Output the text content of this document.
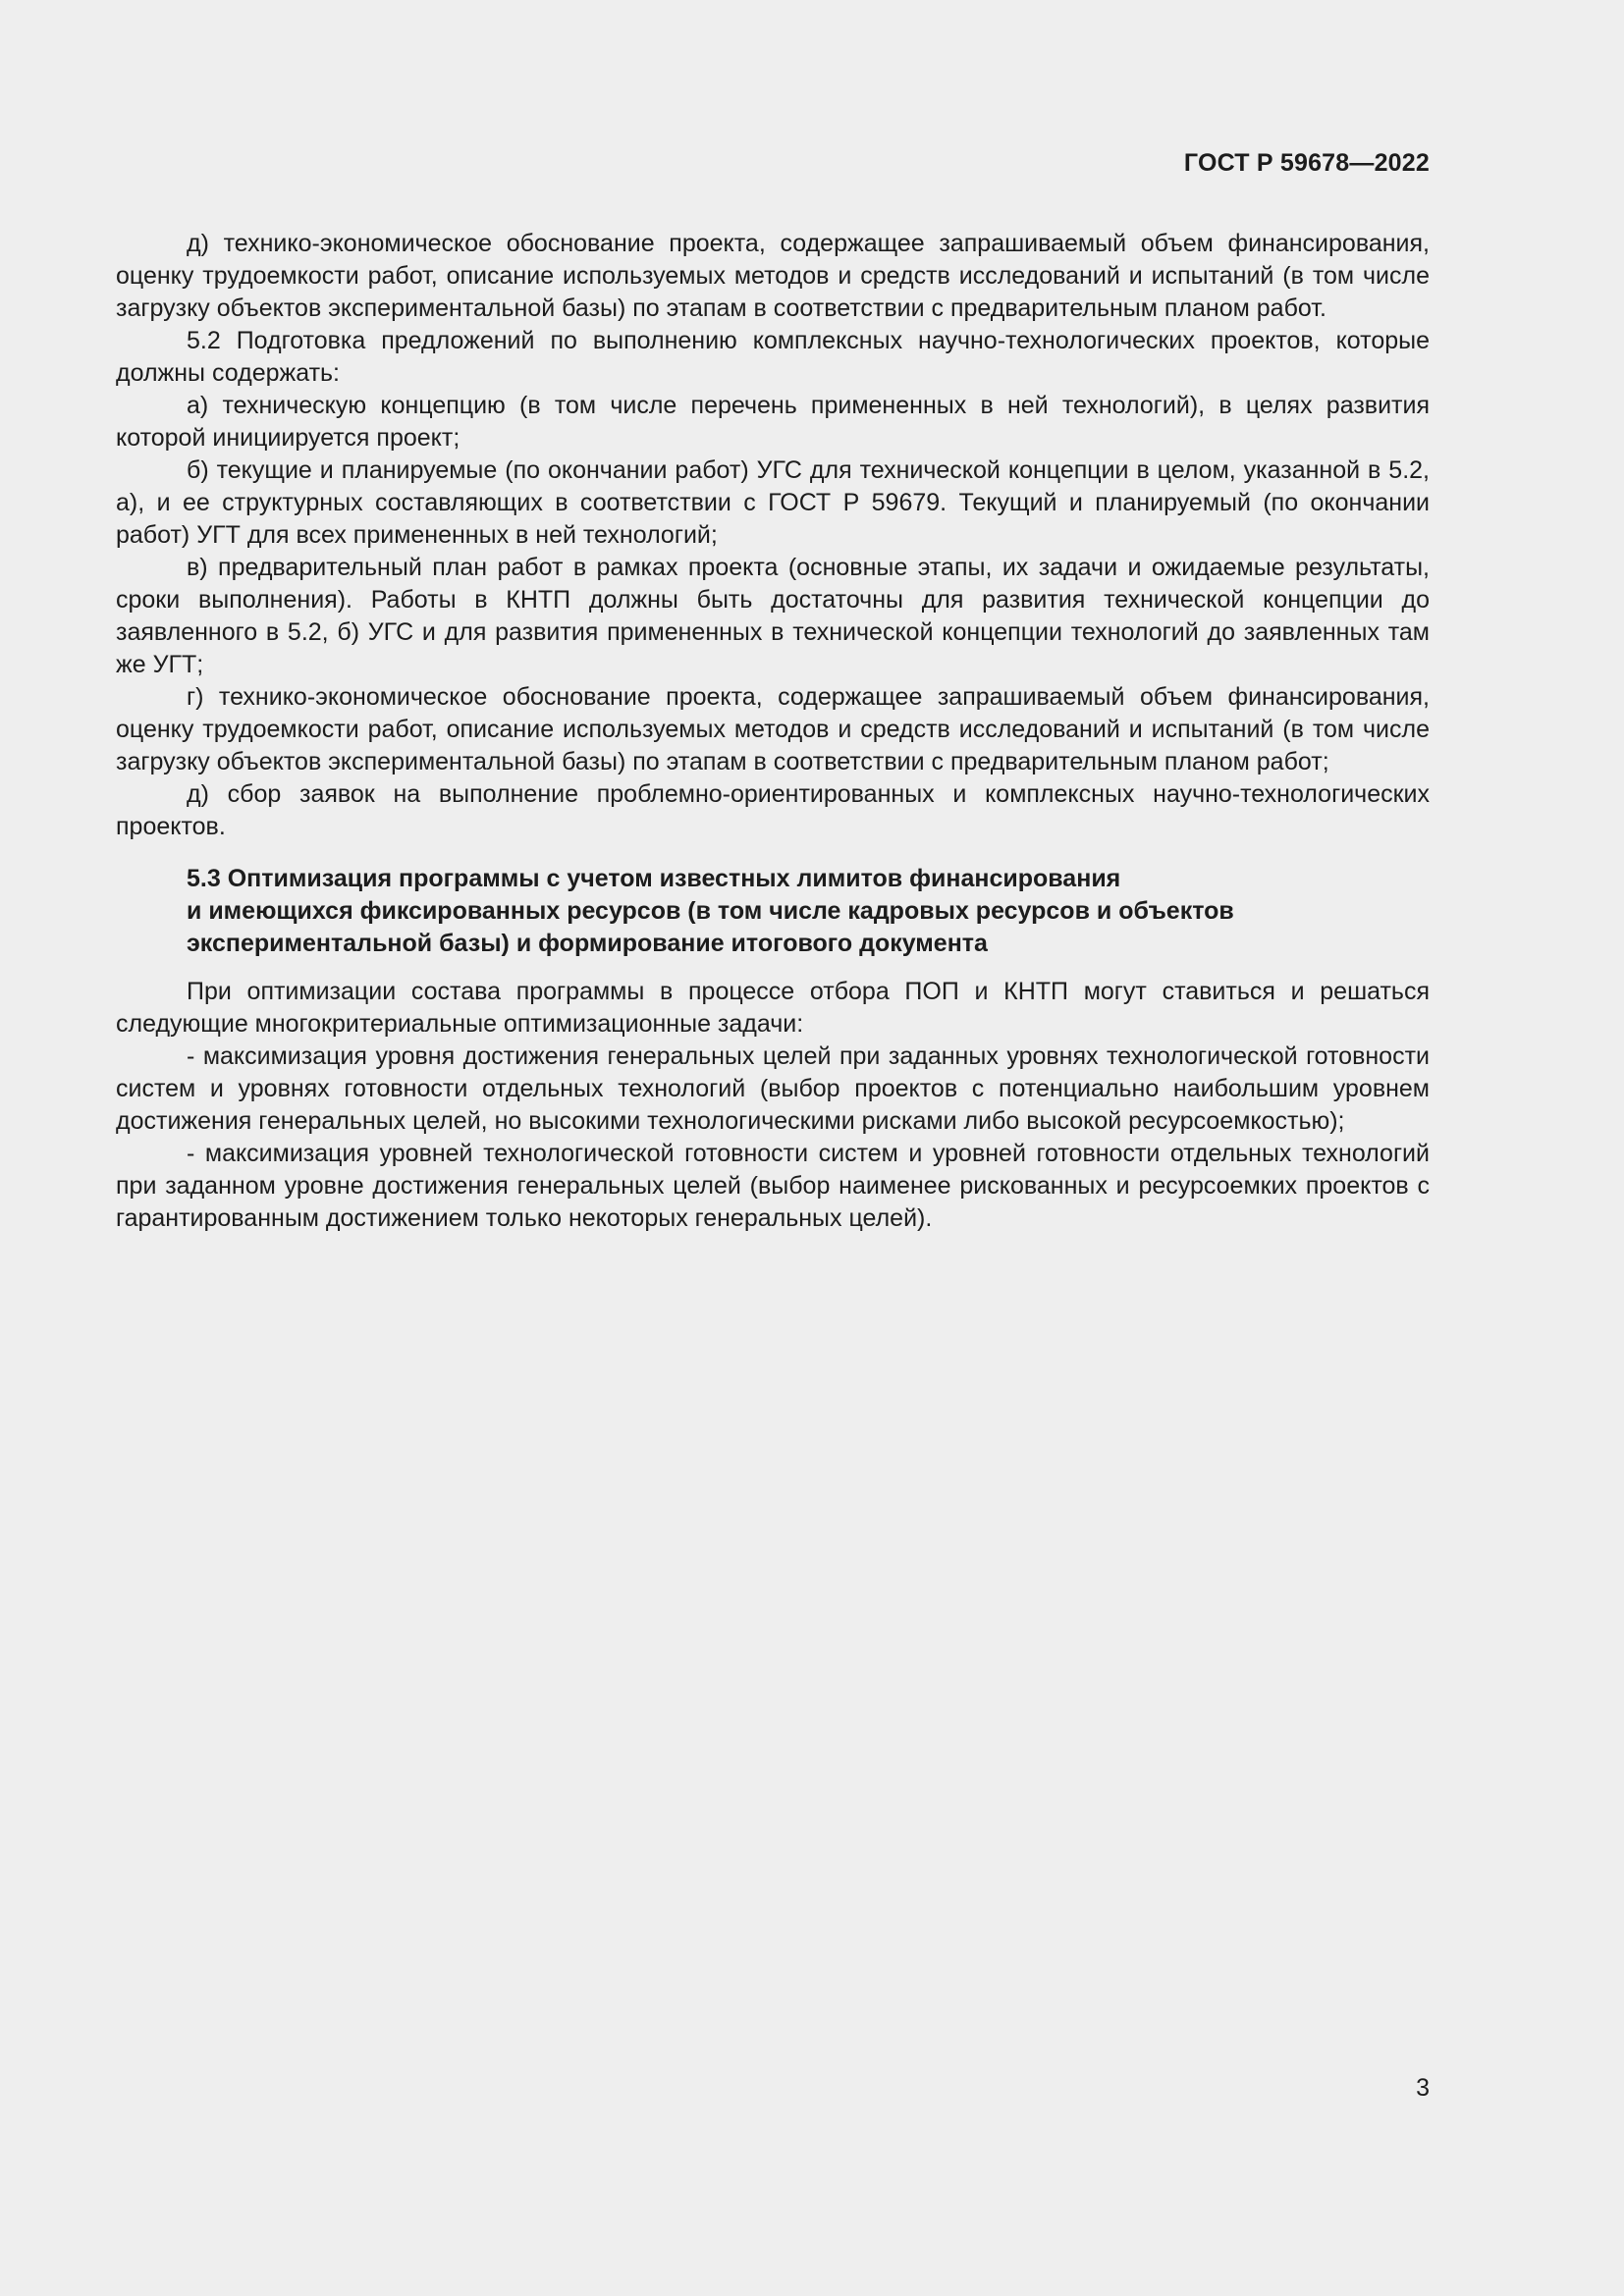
ГОСТ Р 59678—2022

д) технико-экономическое обоснование проекта, содержащее запрашиваемый объем финансирования, оценку трудоемкости работ, описание используемых методов и средств исследований и испытаний (в том числе загрузку объектов экспериментальной базы) по этапам в соответствии с предварительным планом работ.

5.2 Подготовка предложений по выполнению комплексных научно-технологических проектов, которые должны содержать:

а) техническую концепцию (в том числе перечень примененных в ней технологий), в целях развития которой инициируется проект;

б) текущие и планируемые (по окончании работ) УГС для технической концепции в целом, указанной в 5.2, а), и ее структурных составляющих в соответствии с ГОСТ Р 59679. Текущий и планируемый (по окончании работ) УГТ для всех примененных в ней технологий;

в) предварительный план работ в рамках проекта (основные этапы, их задачи и ожидаемые результаты, сроки выполнения). Работы в КНТП должны быть достаточны для развития технической концепции до заявленного в 5.2, б) УГС и для развития примененных в технической концепции технологий до заявленных там же УГТ;

г) технико-экономическое обоснование проекта, содержащее запрашиваемый объем финансирования, оценку трудоемкости работ, описание используемых методов и средств исследований и испытаний (в том числе загрузку объектов экспериментальной базы) по этапам в соответствии с предварительным планом работ;

д) сбор заявок на выполнение проблемно-ориентированных и комплексных научно-технологических проектов.

5.3 Оптимизация программы с учетом известных лимитов финансирования
и имеющихся фиксированных ресурсов (в том числе кадровых ресурсов и объектов
экспериментальной базы) и формирование итогового документа

При оптимизации состава программы в процессе отбора ПОП и КНТП могут ставиться и решаться следующие многокритериальные оптимизационные задачи:

- максимизация уровня достижения генеральных целей при заданных уровнях технологической готовности систем и уровнях готовности отдельных технологий (выбор проектов с потенциально наибольшим уровнем достижения генеральных целей, но высокими технологическими рисками либо высокой ресурсоемкостью);

- максимизация уровней технологической готовности систем и уровней готовности отдельных технологий при заданном уровне достижения генеральных целей (выбор наименее рискованных и ресурсоемких проектов с гарантированным достижением только некоторых генеральных целей).

3
